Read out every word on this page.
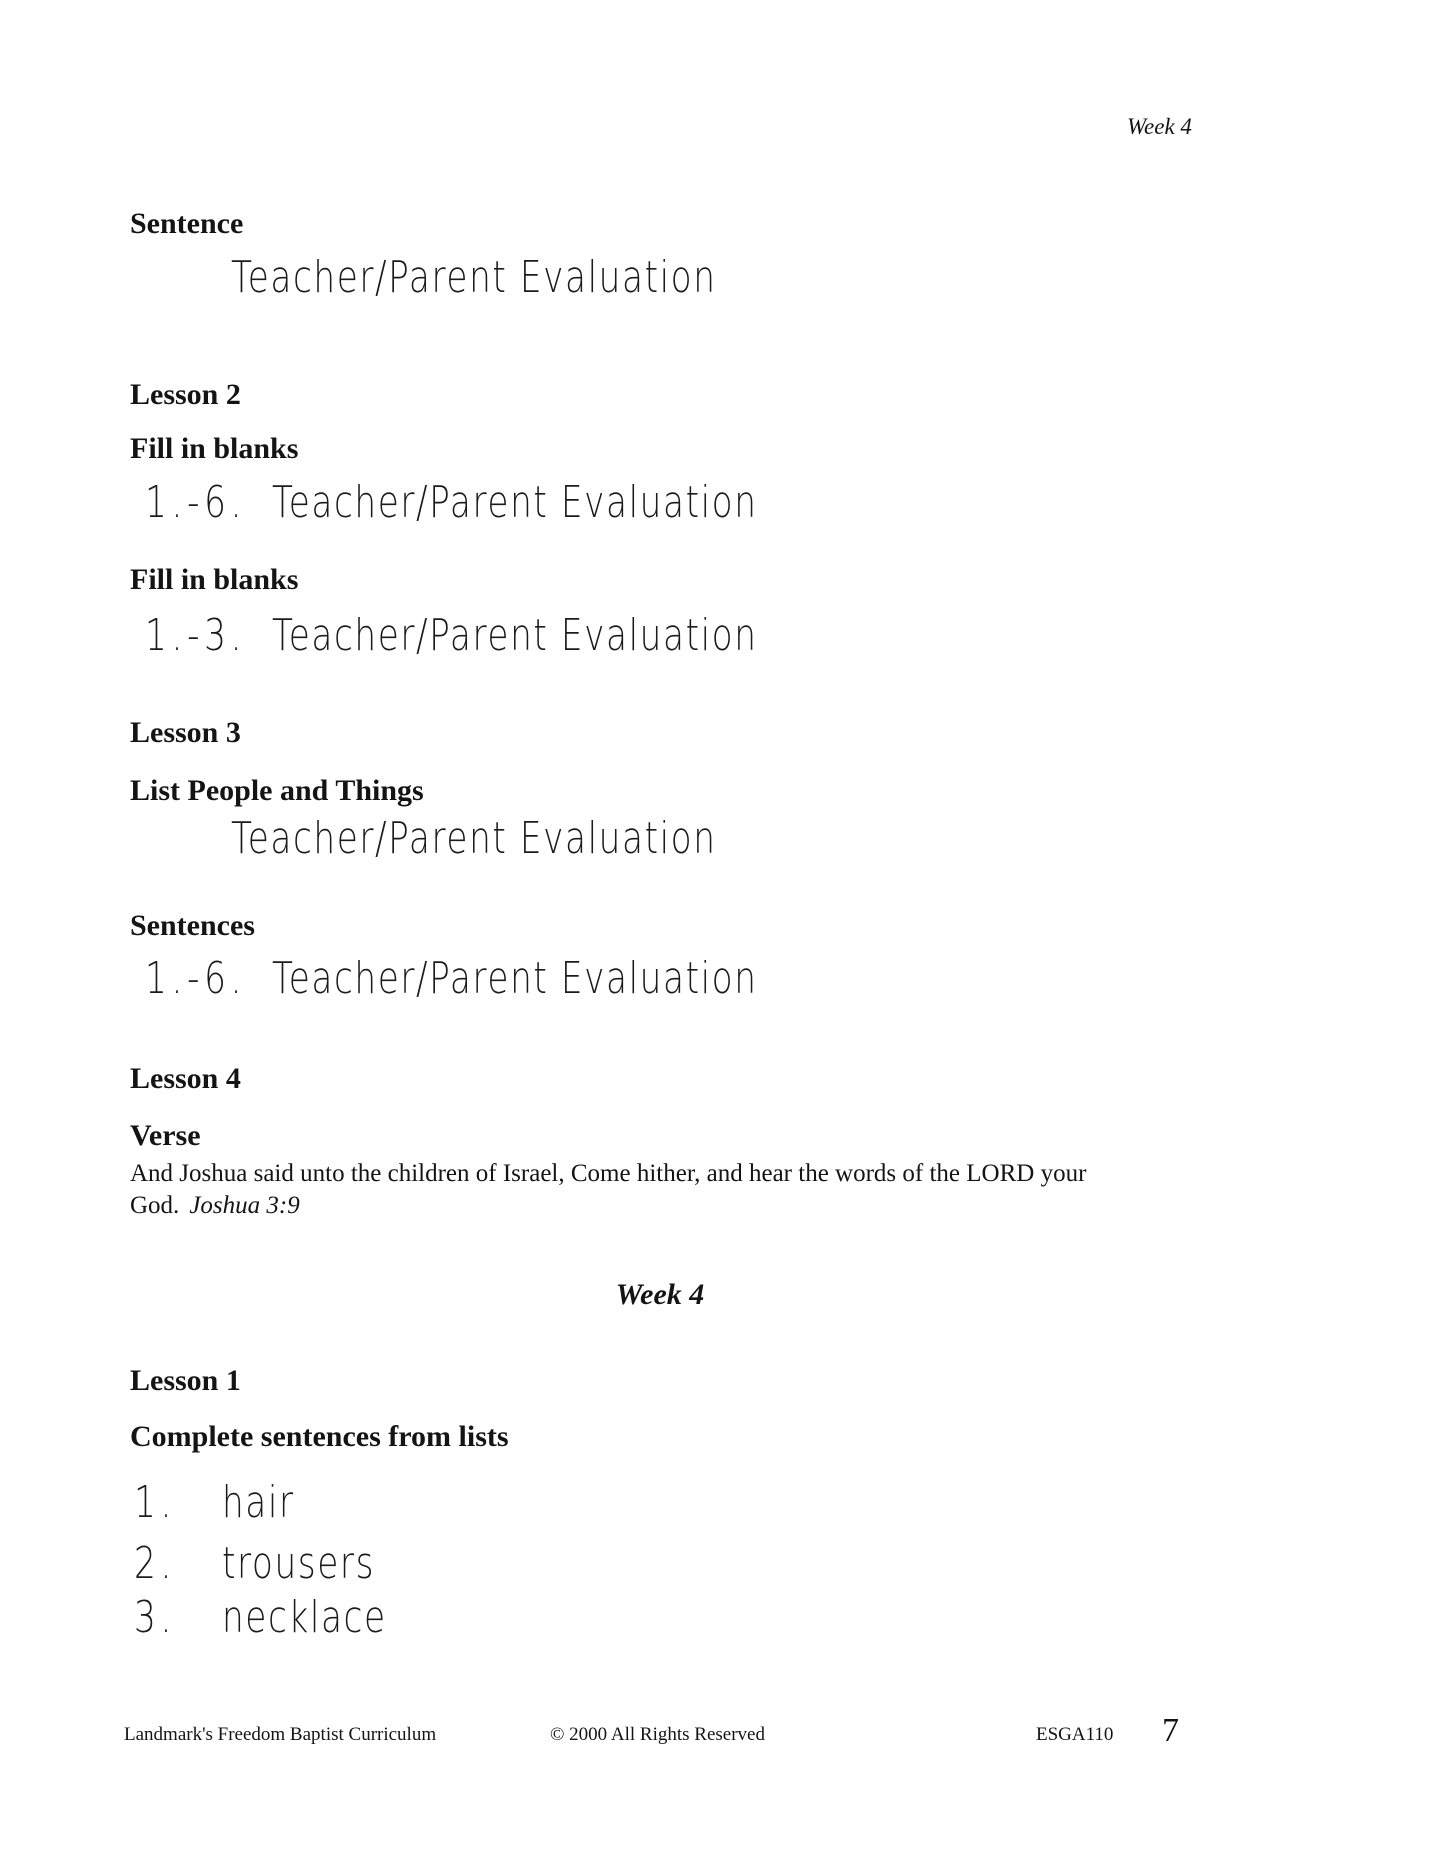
Week 4
Sentence
Teacher/Parent Evaluation
Lesson 2
Fill in blanks
1.-6. Teacher/Parent Evaluation
Fill in blanks
1.-3. Teacher/Parent Evaluation
Lesson 3
List People and Things
Teacher/Parent Evaluation
Sentences
1.-6. Teacher/Parent Evaluation
Lesson 4
Verse
And Joshua said unto the children of Israel, Come hither, and hear the words of the LORD your God. Joshua 3:9
Week 4
Lesson 1
Complete sentences from lists
1. hair
2. trousers
3. necklace
Landmark's Freedom Baptist Curriculum	© 2000 All Rights Reserved	ESGA110 7
